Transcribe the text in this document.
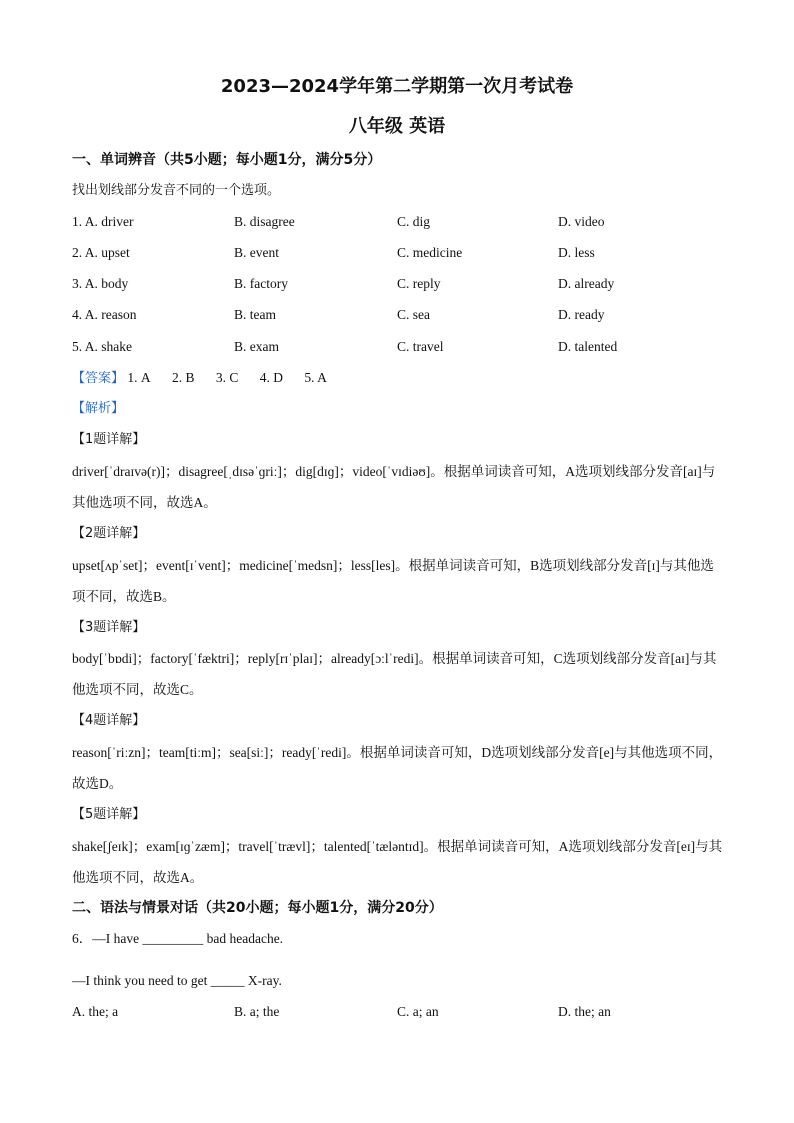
2023—2024学年第二学期第一次月考试卷
八年级 英语
一、单词辨音（共5小题；每小题1分，满分5分）
找出划线部分发音不同的一个选项。
1. A. driver	B. disagree	C. dig	D. video
2. A. upset	B. event	C. medicine	D. less
3. A. body	B. factory	C. reply	D. already
4. A. reason	B. team	C. sea	D. ready
5. A. shake	B. exam	C. travel	D. talented
【答案】 1. A 2. B 3. C 4. D 5. A
【解析】
【1题详解】
driver[ˈdraɪvə(r)]；disagree[ˌdɪsəˈɡriː]；dig[dɪɡ]；video[ˈvɪdiəʊ]。根据单词读音可知，A选项划线部分发音[aɪ]与其他选项不同，故选A。
【2题详解】
upset[ʌpˈset]；event[ɪˈvent]；medicine[ˈmedsn]；less[les]。根据单词读音可知，B选项划线部分发音[ɪ]与其他选项不同，故选B。
【3题详解】
body[ˈbɒdi]；factory[ˈfæktri]；reply[rɪˈplaɪ]；already[ɔːlˈredi]。根据单词读音可知，C选项划线部分发音[aɪ]与其他选项不同，故选C。
【4题详解】
reason[ˈriːzn]；team[tiːm]；sea[siː]；ready[ˈredi]。根据单词读音可知，D选项划线部分发音[e]与其他选项不同，故选D。
【5题详解】
shake[ʃeɪk]；exam[ɪɡˈzæm]；travel[ˈtrævl]；talented[ˈtæləntɪd]。根据单词读音可知，A选项划线部分发音[eɪ]与其他选项不同，故选A。
二、语法与情景对话（共20小题；每小题1分，满分20分）
6．—I have _________ bad headache.
—I think you need to get _____ X-ray.
A. the; a	B. a; the	C. a; an	D. the; an
